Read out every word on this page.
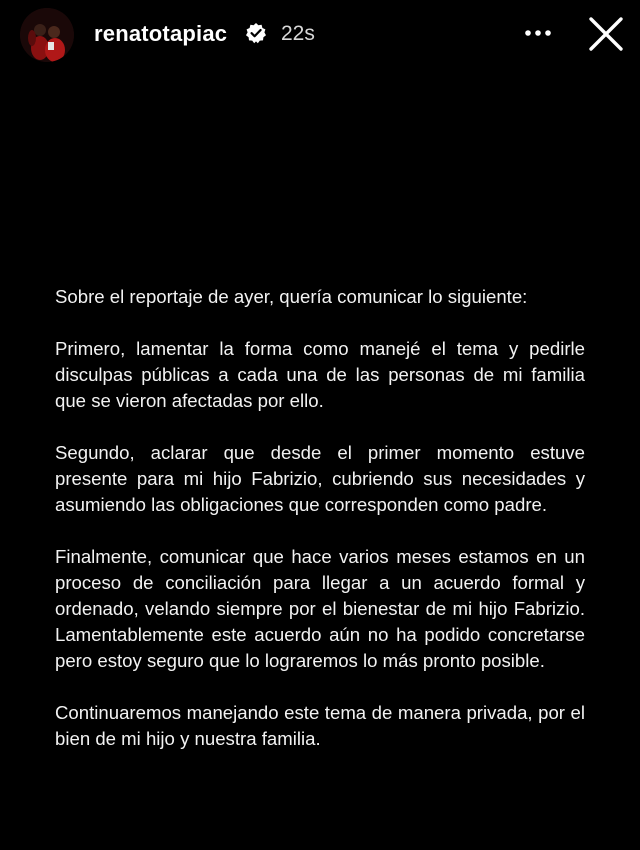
renatotapiac	22s

Sobre el reportaje de ayer, quería comunicar lo siguiente:

Primero, lamentar la forma como manejé el tema y pedirle disculpas públicas a cada una de las personas de mi familia que se vieron afectadas por ello.

Segundo, aclarar que desde el primer momento estuve presente para mi hijo Fabrizio, cubriendo sus necesidades y asumiendo las obligaciones que corresponden como padre.

Finalmente, comunicar que hace varios meses estamos en un proceso de conciliación para llegar a un acuerdo formal y ordenado, velando siempre por el bienestar de mi hijo Fabrizio. Lamentablemente este acuerdo aún no ha podido concretarse pero estoy seguro que lo lograremos lo más pronto posible.

Continuaremos manejando este tema de manera privada, por el bien de mi hijo y nuestra familia.
